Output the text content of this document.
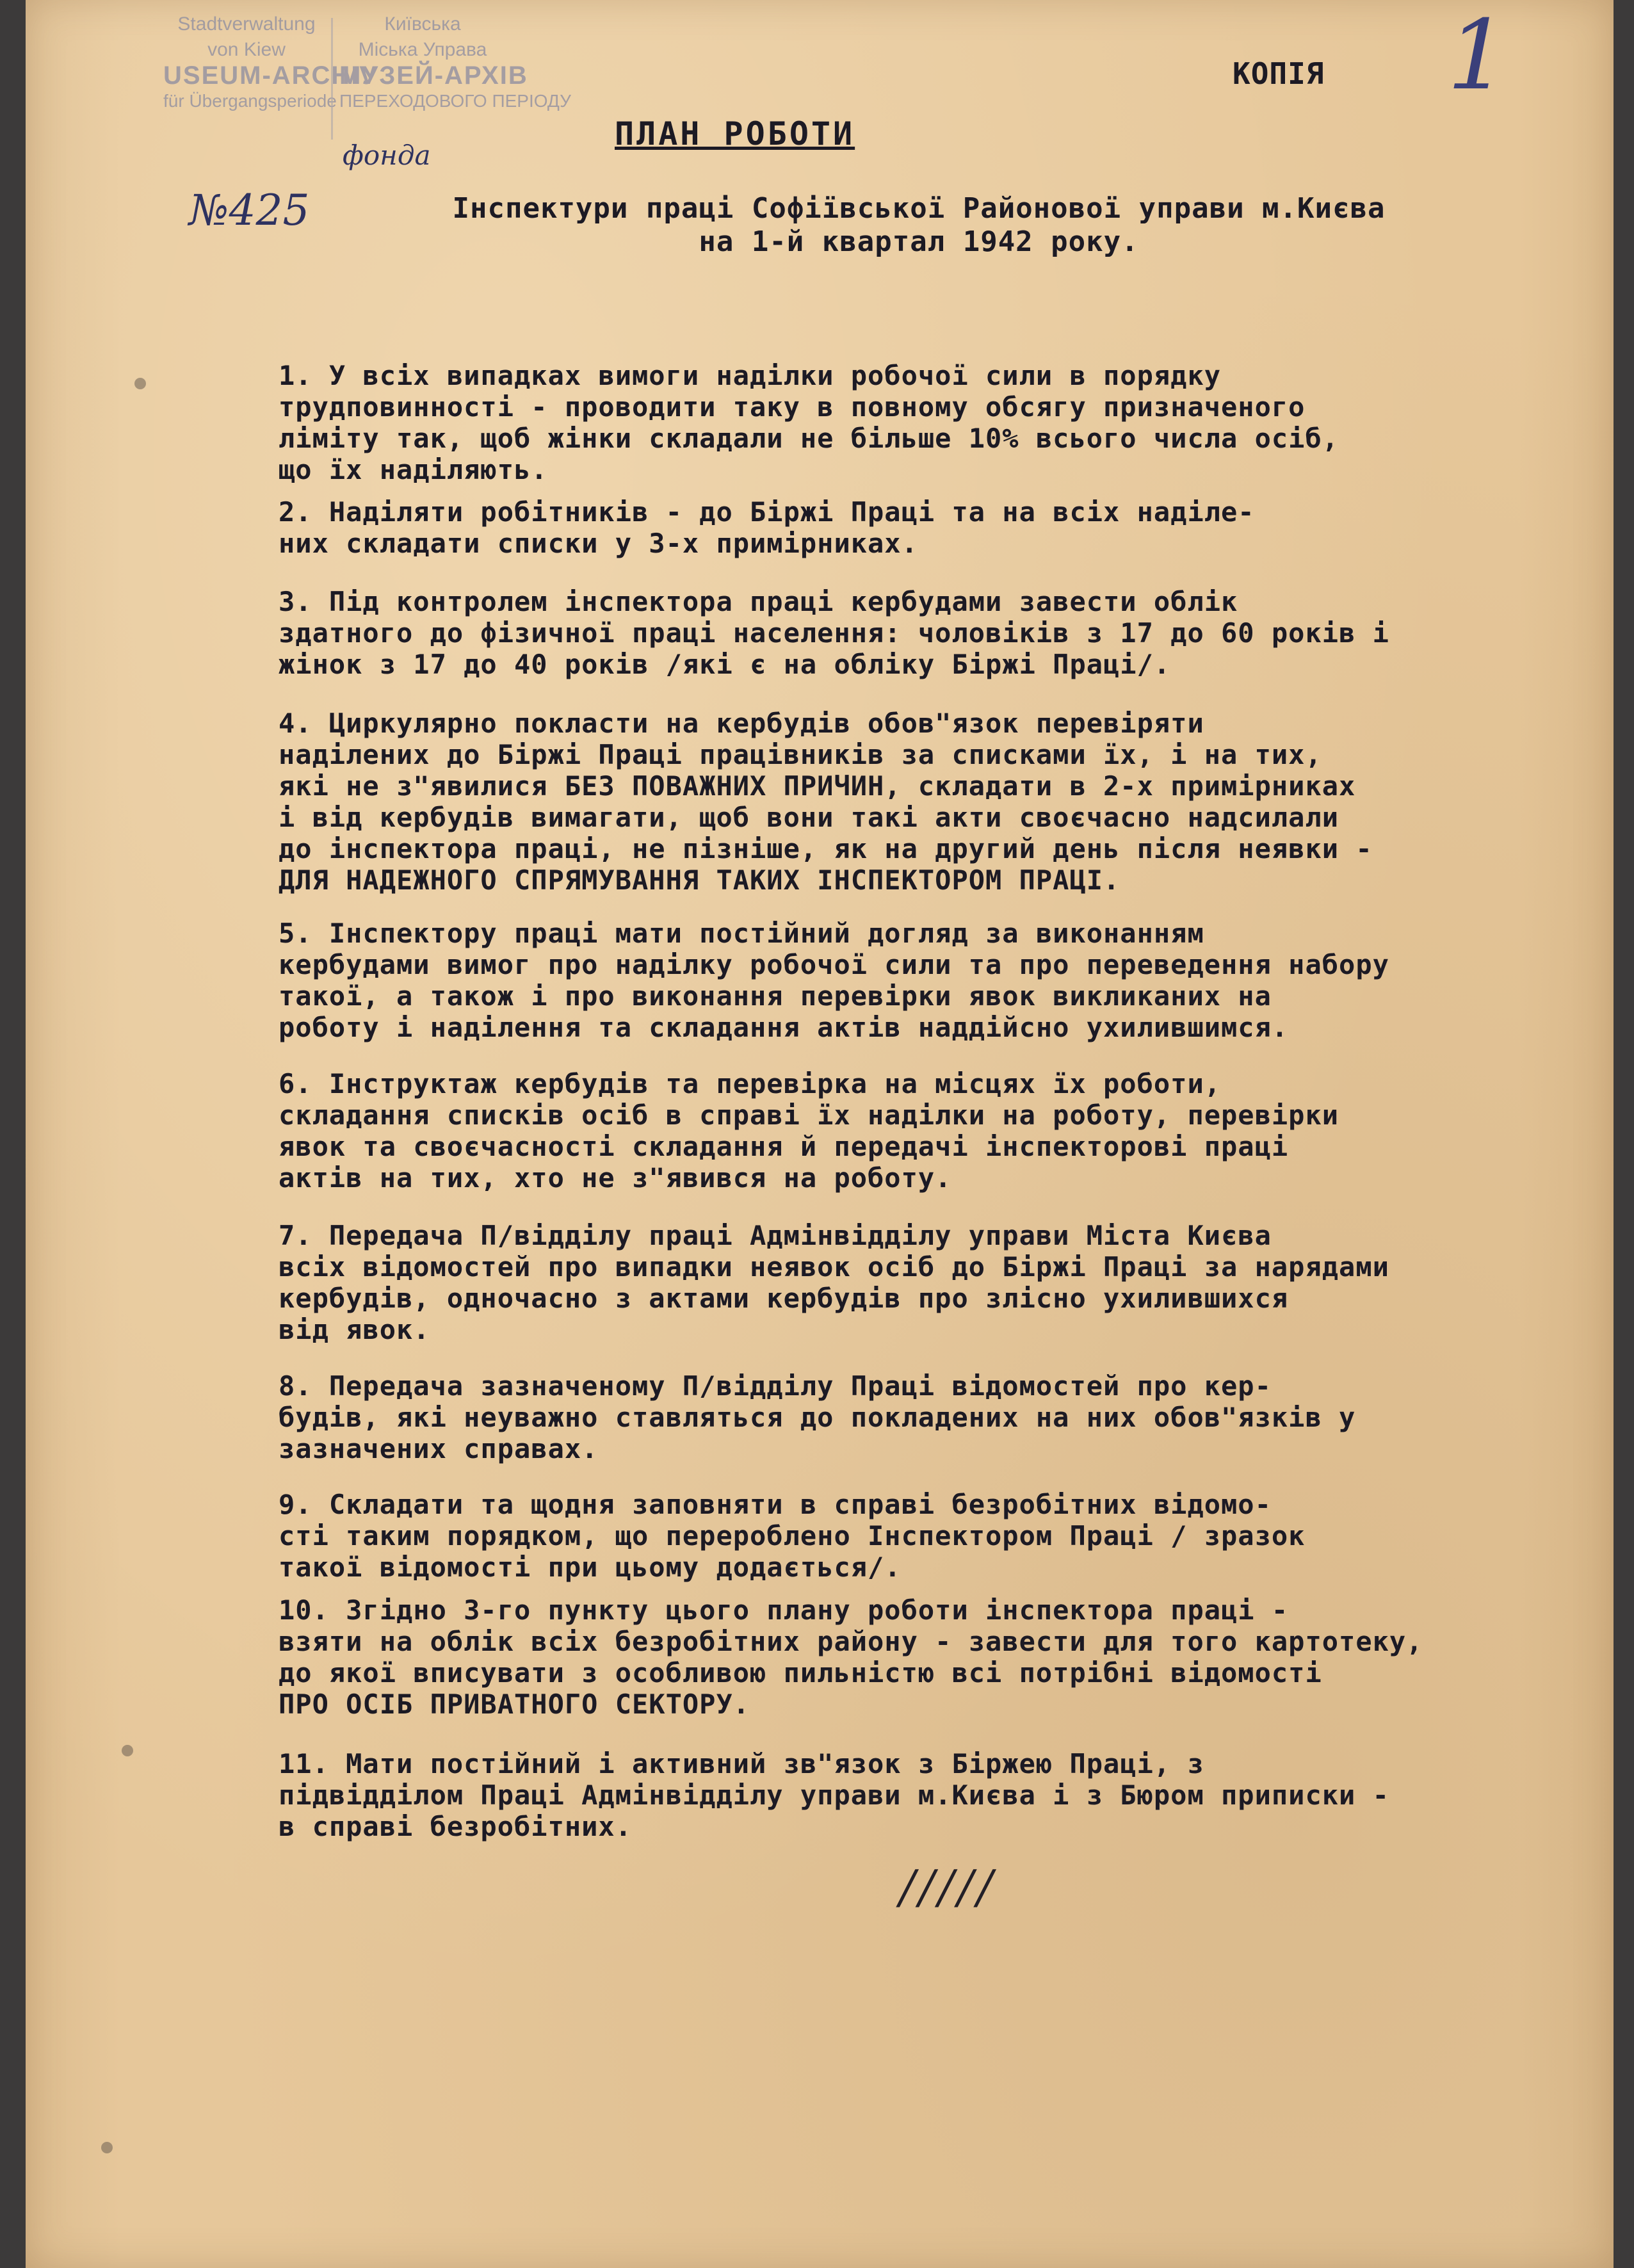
Stadtverwaltung
von Kiew
USEUM-ARCHIV
für Übergangsperiode
Київська
Міська Управа
МУЗЕЙ-АРХІВ
ПЕРЕХОДОВОГО ПЕРІОДУ	1
фонда
№425
КОПІЯ
ПЛАН РОБОТИ
Інспектури праці Софіївської Районової управи м.Києва
на 1-й квартал 1942 року.
1. У всіх випадках вимоги наділки робочої сили в порядку
трудповинності - проводити таку в повному обсягу призначеного
ліміту так, щоб жінки складали не більше 10% всього числа осіб,
що їх наділяють.
2. Наділяти робітників - до Біржі Праці та на всіх наділе-
них складати списки у 3-х примірниках.
3. Під контролем інспектора праці кербудами завести облік
здатного до фізичної праці населення: чоловіків з 17 до 60 років і
жінок з 17 до 40 років /які є на обліку Біржі Праці/.
4. Циркулярно покласти на кербудів обов"язок перевіряти
наділених до Біржі Праці працівників за списками їх, і на тих,
які не з"явилися БЕЗ ПОВАЖНИХ ПРИЧИН, складати в 2-х примірниках
і від кербудів вимагати, щоб вони такі акти своєчасно надсилали
до інспектора праці, не пізніше, як на другий день після неявки -
ДЛЯ НАДЕЖНОГО СПРЯМУВАННЯ ТАКИХ ІНСПЕКТОРОМ ПРАЦІ.
5. Інспектору праці мати постійний догляд за виконанням
кербудами вимог про наділку робочої сили та про переведення набору
такої, а також і про виконання перевірки явок викликаних на
роботу і наділення та складання актів наддійсно ухилившимся.
6. Інструктаж кербудів та перевірка на місцях їх роботи,
складання списків осіб в справі їх наділки на роботу, перевірки
явок та своєчасності складання й передачі інспекторові праці
актів на тих, хто не з"явився на роботу.
7. Передача П/відділу праці Адмінвідділу управи Міста Києва
всіх відомостей про випадки неявок осіб до Біржі Праці за нарядами
кербудів, одночасно з актами кербудів про злісно ухилившихся
від явок.
8. Передача зазначеному П/відділу Праці відомостей про кер-
будів, які неуважно ставляться до покладених на них обов"язків у
зазначених справах.
9. Складати та щодня заповняти в справі безробітних відомо-
сті таким порядком, що перероблено Інспектором Праці / зразок
такої відомості при цьому додається/.
10. Згідно 3-го пункту цього плану роботи інспектора праці -
взяти на облік всіх безробітних району - завести для того картотеку,
до якої вписувати з особливою пильністю всі потрібні відомості
ПРО ОСІБ ПРИВАТНОГО СЕКТОРУ.
11. Мати постійний і активний зв"язок з Біржею Праці, з
підвідділом Праці Адмінвідділу управи м.Києва і з Бюром приписки -
в справі безробітних.
/////
